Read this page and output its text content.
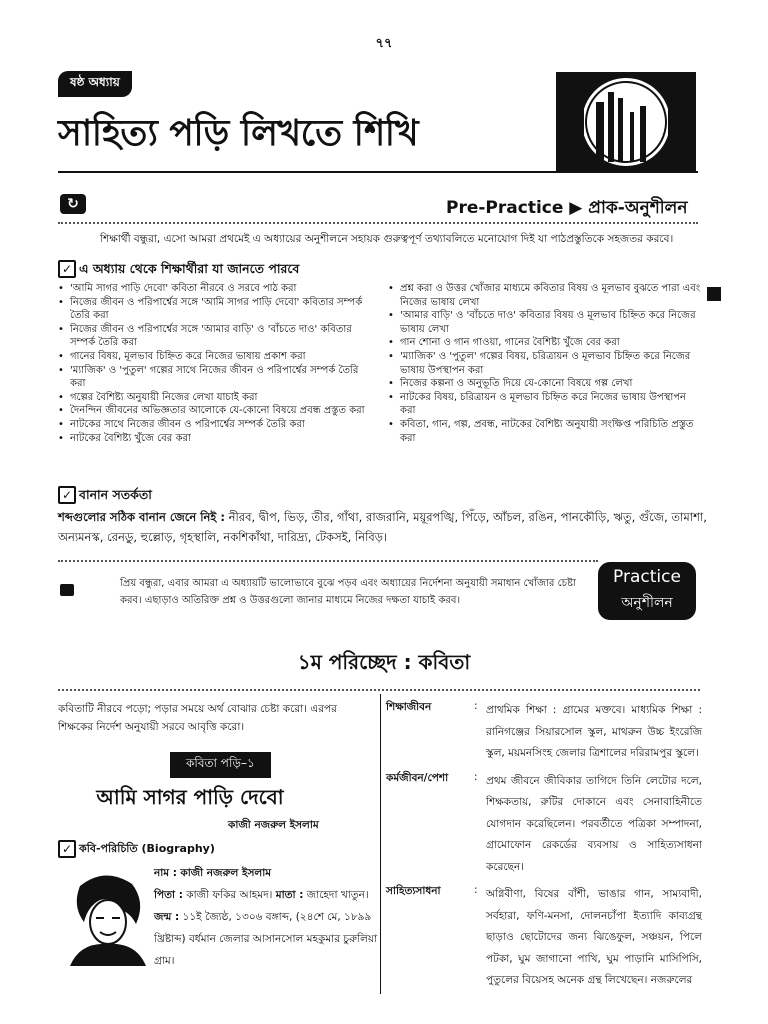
৭৭
ষষ্ঠ অধ্যায়
সাহিত্য পড়ি লিখতে শিখি
↻	Pre-Practice ▶ প্রাক-অনুশীলন
শিক্ষার্থী বন্ধুরা, এসো আমরা প্রথমেই এ অধ্যায়ের অনুশীলনে সহায়ক গুরুত্বপূর্ণ তথ্যাবলিতে মনোযোগ দিই যা পাঠপ্রস্তুতিকে সহজতর করবে।
✓ এ অধ্যায় থেকে শিক্ষার্থীরা যা জানতে পারবে
• 'আমি সাগর পাড়ি দেবো' কবিতা নীরবে ও সরবে পাঠ করা
• নিজের জীবন ও পরিপার্শ্বের সঙ্গে 'আমি সাগর পাড়ি দেবো' কবিতার সম্পর্ক তৈরি করা
• নিজের জীবন ও পরিপার্শ্বের সঙ্গে 'আমার বাড়ি' ও 'বাঁচতে দাও' কবিতার সম্পর্ক তৈরি করা
• গানের বিষয়, মূলভাব চিহ্নিত করে নিজের ভাষায় প্রকাশ করা
• 'ম্যাজিক' ও 'পুতুল' গল্পের সাথে নিজের জীবন ও পরিপার্শ্বের সম্পর্ক তৈরি করা
• গল্পের বৈশিষ্ট্য অনুযায়ী নিজের লেখা যাচাই করা
• দৈনন্দিন জীবনের অভিজ্ঞতার আলোকে যে-কোনো বিষয়ে প্রবন্ধ প্রস্তুত করা
• নাটকের সাথে নিজের জীবন ও পরিপার্শ্বের সম্পর্ক তৈরি করা
• নাটকের বৈশিষ্ট্য খুঁজে বের করা
• প্রশ্ন করা ও উত্তর খোঁজার মাধ্যমে কবিতার বিষয় ও মূলভাব বুঝতে পারা এবং নিজের ভাষায় লেখা
• 'আমার বাড়ি' ও 'বাঁচতে দাও' কবিতার বিষয় ও মূলভাব চিহ্নিত করে নিজের ভাষায় লেখা
• গান শোনা ও গান গাওয়া, গানের বৈশিষ্ট্য খুঁজে বের করা
• 'ম্যাজিক' ও 'পুতুল' গল্পের বিষয়, চরিত্রায়ন ও মূলভাব চিহ্নিত করে নিজের ভাষায় উপস্থাপন করা
• নিজের কল্পনা ও অনুভূতি দিয়ে যে-কোনো বিষয়ে গল্প লেখা
• নাটকের বিষয়, চরিত্রায়ন ও মূলভাব চিহ্নিত করে নিজের ভাষায় উপস্থাপন করা
• কবিতা, গান, গল্প, প্রবন্ধ, নাটকের বৈশিষ্ট্য অনুযায়ী সংক্ষিপ্ত পরিচিতি প্রস্তুত করা
✓ বানান সতর্কতা
শব্দগুলোর সঠিক বানান জেনে নিই : নীরব, দ্বীপ, ভিড়, তীর, গাঁথা, রাজরানি, ময়ূরপঙ্খি, পিঁড়ে, আঁচল, রঙিন, পানকৌড়ি, ঋতু, গুঁজে, তামাশা, অন্যমনস্ক, রেনডু, হুল্লোড়, গৃহস্থালি, নকশিকাঁথা, দারিদ্র্য, টেকসই, নিবিড়।
প্রিয় বন্ধুরা, এবার আমরা এ অধ্যায়টি ভালোভাবে বুঝে পড়ব এবং অধ্যায়ের নির্দেশনা অনুযায়ী সমাধান খোঁজার চেষ্টা করব। এছাড়াও অতিরিক্ত প্রশ্ন ও উত্তরগুলো জানার মাধ্যমে নিজের দক্ষতা যাচাই করব।
Practice
অনুশীলন
১ম পরিচ্ছেদ : কবিতা
কবিতাটি নীরবে পড়ো; পড়ার সময়ে অর্থ বোঝার চেষ্টা করো। এরপর শিক্ষকের নির্দেশ অনুযায়ী সরবে আবৃত্তি করো।
কবিতা পড়ি–১
আমি সাগর পাড়ি দেবো
কাজী নজরুল ইসলাম
✓ কবি-পরিচিতি (Biography)
নাম : কাজী নজরুল ইসলাম
পিতা : কাজী ফকির আহমদ। মাতা : জাহেদা খাতুন।
জন্ম : ১১ই জ্যৈষ্ঠ, ১৩০৬ বঙ্গাব্দ, (২৪শে মে, ১৮৯৯ খ্রিষ্টাব্দ) বর্ধমান জেলার আসানসোল মহকুমার চুরুলিয়া গ্রাম।
শিক্ষাজীবন	: প্রাথমিক শিক্ষা : গ্রামের মক্তবে। মাধ্যমিক শিক্ষা : রানিগঞ্জের সিয়ারসোল স্কুল, মাথরুন উচ্চ ইংরেজি স্কুল, ময়মনসিংহ জেলার ত্রিশালের দরিরামপুর স্কুলে।
কর্মজীবন/পেশা	: প্রথম জীবনে জীবিকার তাগিদে তিনি লেটোর দলে, শিক্ষকতায়, রুটির দোকানে এবং সেনাবাহিনীতে যোগদান করেছিলেন। পরবর্তীতে পত্রিকা সম্পাদনা, গ্রামোফোন রেকর্ডের ব্যবসায় ও সাহিত্যসাধনা করেছেন।
সাহিত্যসাধনা	: অগ্নিবীণা, বিষের বাঁশী, ভাঙার গান, সাম্যবাদী, সর্বহারা, ফণি-মনসা, দোলনচাঁপা ইত্যাদি কাব্যগ্রন্থ ছাড়াও ছোটোদের জন্য ঝিঙেফুল, সঞ্চয়ন, পিলে পটকা, ঘুম জাগানো পাখি, ঘুম পাড়ানি মাসিপিসি, পুতুলের বিয়েসহ অনেক গ্রন্থ লিখেছেন। নজরুলের
